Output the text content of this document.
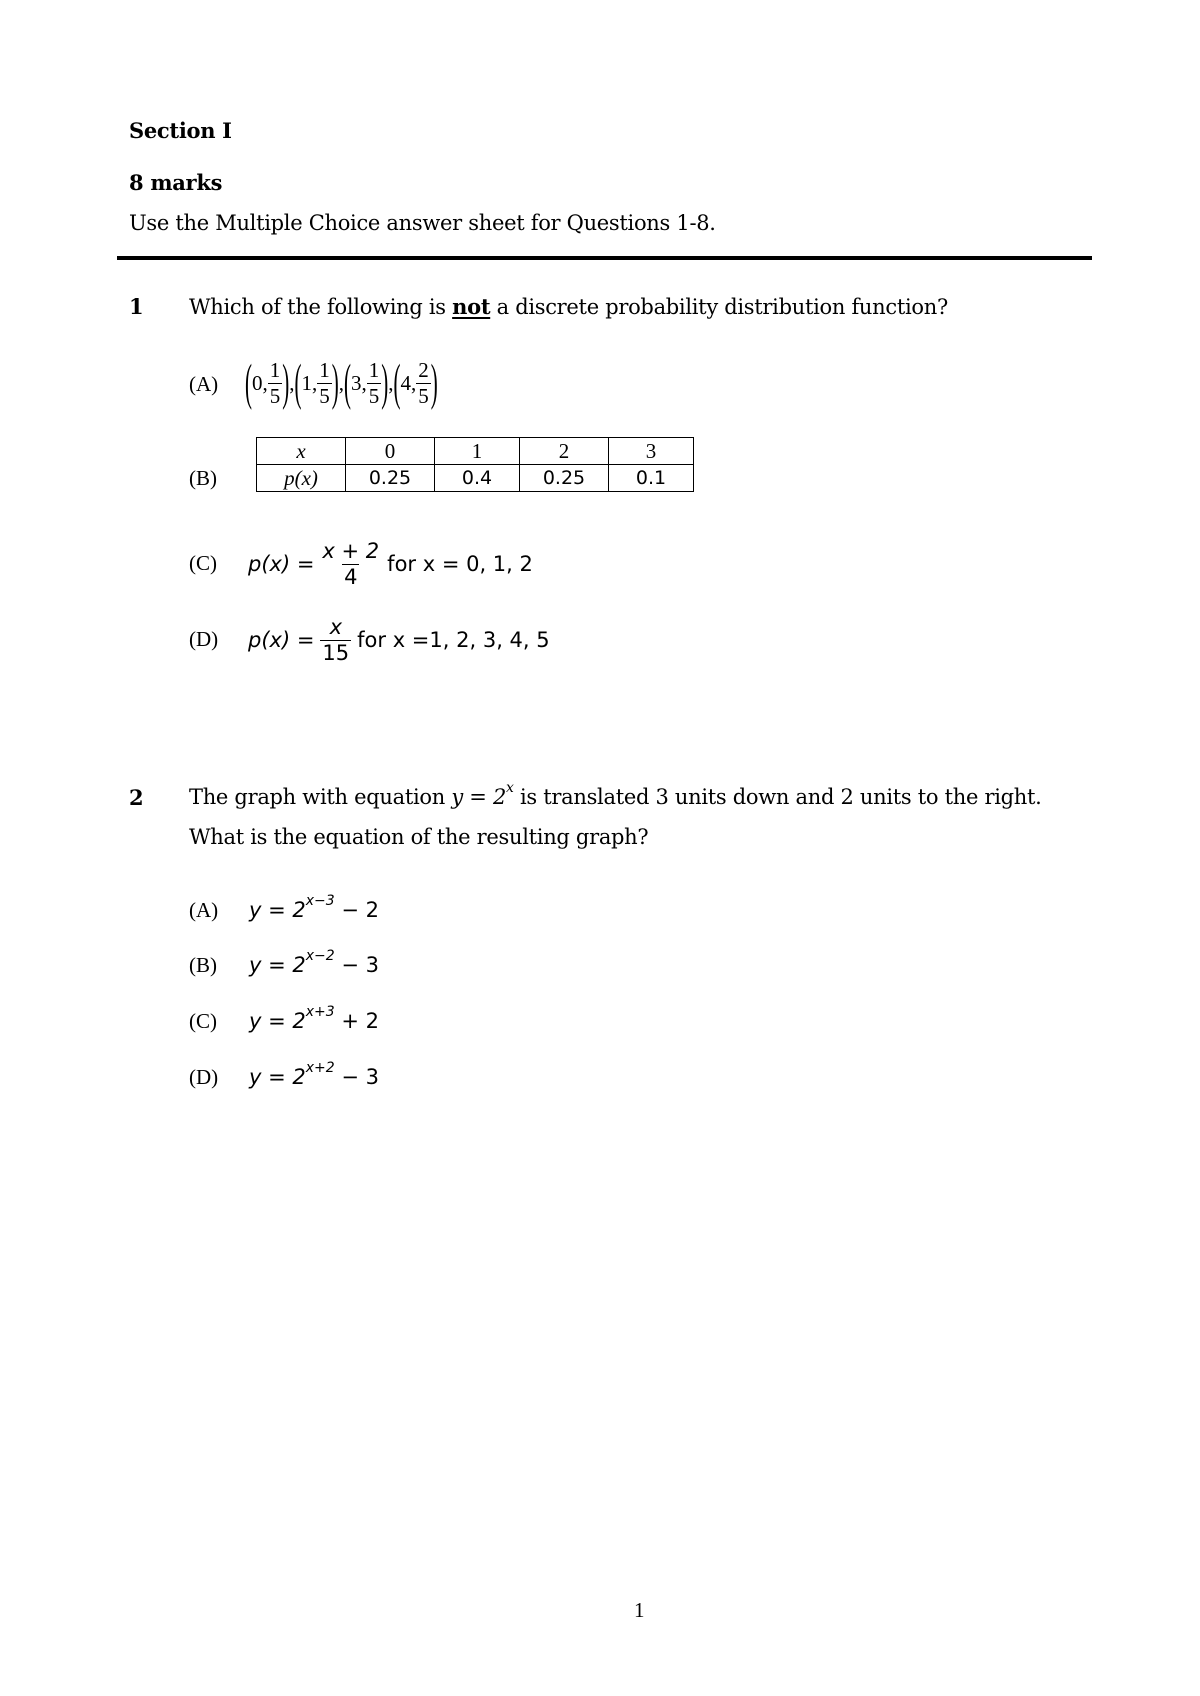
Section I
8 marks
Use the Multiple Choice answer sheet for Questions 1-8.
1 Which of the following is not a discrete probability distribution function?
(A) ( 0 , $\frac{1}{5}$ ) , ( 1 , $\frac{1}{5}$ ) , ( 3 , $\frac{1}{5}$ ) , ( 4 , $\frac{2}{5}$ )
(B)
x	0	1	2	3
p(x)	0.25	0.4	0.25	0.1
(C) $p(x) = \frac{x + 2}{4}$ for x = 0, 1, 2
(D) $p(x) = \frac{x}{15}$ for x =1, 2, 3, 4, 5
2 The graph with equation $y = 2^x$ is translated 3 units down and 2 units to the right.
What is the equation of the resulting graph?
(A) $y = 2^{x-3} - 2$
(B) $y = 2^{x-2} - 3$
(C) $y = 2^{x+3} + 2$
(D) $y = 2^{x+2} - 3$
1
